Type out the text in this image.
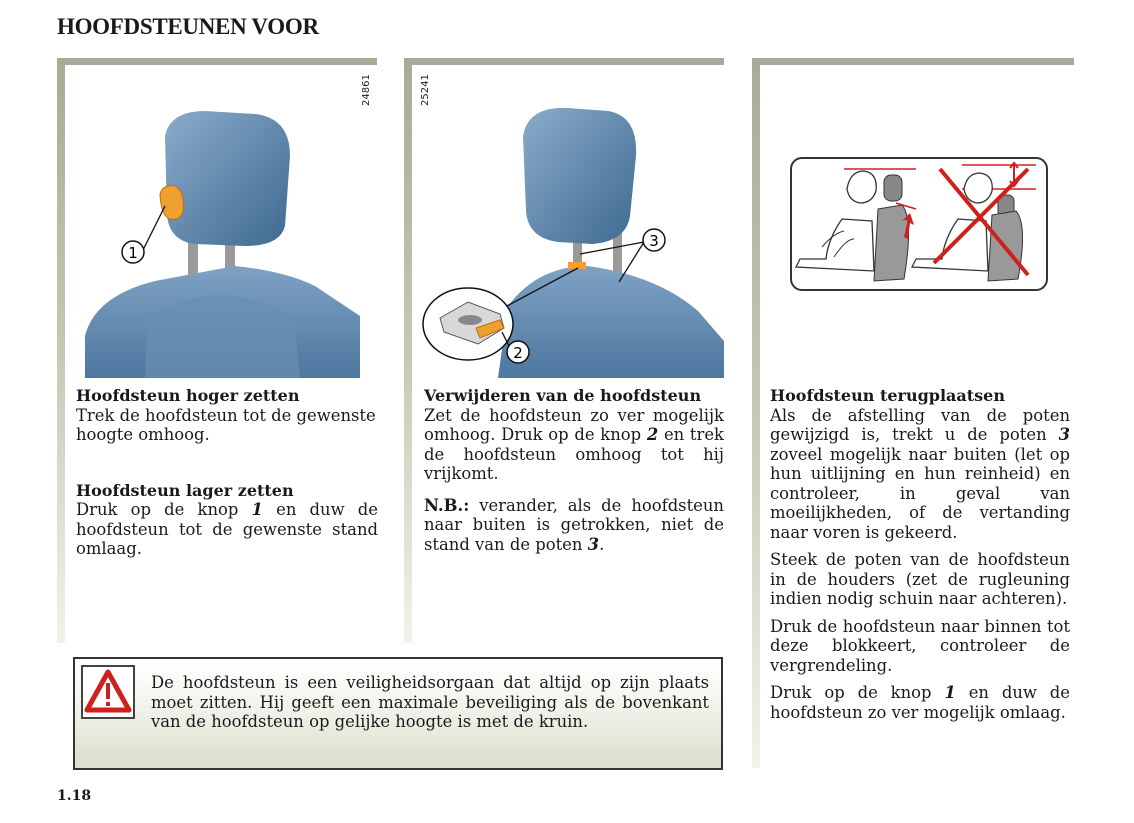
HOOFDSTEUNEN VOOR
1
24861
Hoofdsteun hoger zetten

Trek de hoofdsteun tot de gewenste hoogte omhoog.

Hoofdsteun lager zetten

Druk op de knop 1 en duw de hoofdsteun tot de gewenste stand omlaag.

2
3
25241
Verwijderen van de hoofdsteun

Zet de hoofdsteun zo ver mogelijk omhoog. Druk op de knop 2 en trek de hoofdsteun omhoog tot hij vrijkomt.

N.B.: verander, als de hoofdsteun naar buiten is getrokken, niet de stand van de poten 3.

Hoofdsteun terugplaatsen

Als de afstelling van de poten gewijzigd is, trekt u de poten 3 zoveel mogelijk naar buiten (let op hun uitlijning en hun reinheid) en controleer, in geval van moeilijkheden, of de vertanding naar voren is gekeerd.

Steek de poten van de hoofdsteun in de houders (zet de rugleuning indien nodig schuin naar achteren).

Druk de hoofdsteun naar binnen tot deze blokkeert, controleer de vergrendeling.

Druk op de knop 1 en duw de hoofdsteun zo ver mogelijk omlaag.

De hoofdsteun is een veiligheidsorgaan dat altijd op zijn plaats moet zitten. Hij geeft een maximale beveiliging als de bovenkant van de hoofdsteun op gelijke hoogte is met de kruin.
1.18
